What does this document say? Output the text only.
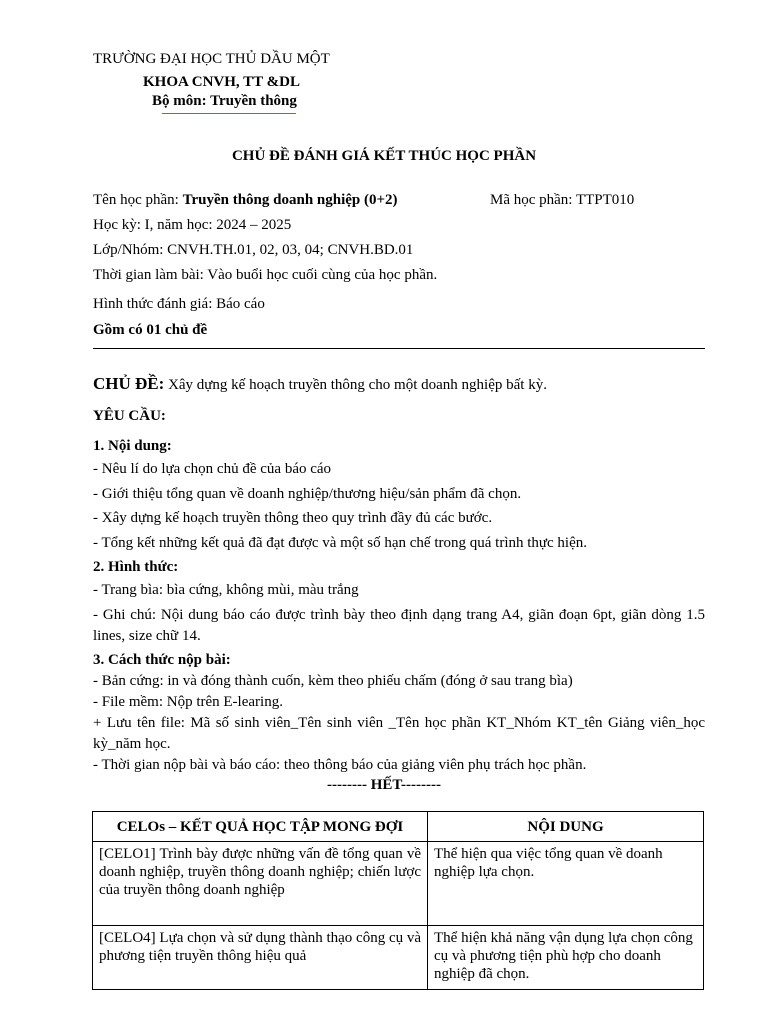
TRƯỜNG ĐẠI HỌC THỦ DẦU MỘT
KHOA CNVH, TT &DL
Bộ môn: Truyền thông
CHỦ ĐỀ ĐÁNH GIÁ KẾT THÚC HỌC PHẦN
Tên học phần: Truyền thông doanh nghiệp (0+2)	Mã học phần: TTPT010
Học kỳ: I, năm học: 2024 – 2025
Lớp/Nhóm: CNVH.TH.01, 02, 03, 04; CNVH.BD.01
Thời gian làm bài: Vào buổi học cuối cùng của học phần.
Hình thức đánh giá: Báo cáo
Gồm có 01 chủ đề
CHỦ ĐỀ: Xây dựng kế hoạch truyền thông cho một doanh nghiệp bất kỳ.
YÊU CẦU:
1. Nội dung:
- Nêu lí do lựa chọn chủ đề của báo cáo
- Giới thiệu tổng quan về doanh nghiệp/thương hiệu/sản phẩm đã chọn.
- Xây dựng kế hoạch truyền thông theo quy trình đầy đủ các bước.
- Tổng kết những kết quả đã đạt được và một số hạn chế trong quá trình thực hiện.
2. Hình thức:
- Trang bìa: bìa cứng, không mùi, màu trắng
- Ghi chú: Nội dung báo cáo được trình bày theo định dạng trang A4, giãn đoạn 6pt, giãn dòng 1.5 lines, size chữ 14.
3. Cách thức nộp bài:
- Bản cứng: in và đóng thành cuốn, kèm theo phiếu chấm (đóng ở sau trang bìa)
- File mềm: Nộp trên E-learing.
+ Lưu tên file: Mã số sinh viên_Tên sinh viên _Tên học phần KT_Nhóm KT_tên Giảng viên_học kỳ_năm học.
- Thời gian nộp bài và báo cáo: theo thông báo của giảng viên phụ trách học phần.
-------- HẾT--------
CELOs – KẾT QUẢ HỌC TẬP MONG ĐỢI	NỘI DUNG
[CELO1] Trình bày được những vấn đề tổng quan về doanh nghiệp, truyền thông doanh nghiệp; chiến lược của truyền thông doanh nghiệp	Thể hiện qua việc tổng quan về doanh nghiệp lựa chọn.
[CELO4] Lựa chọn và sử dụng thành thạo công cụ và phương tiện truyền thông hiệu quả	Thể hiện khả năng vận dụng lựa chọn công cụ và phương tiện phù hợp cho doanh nghiệp đã chọn.
